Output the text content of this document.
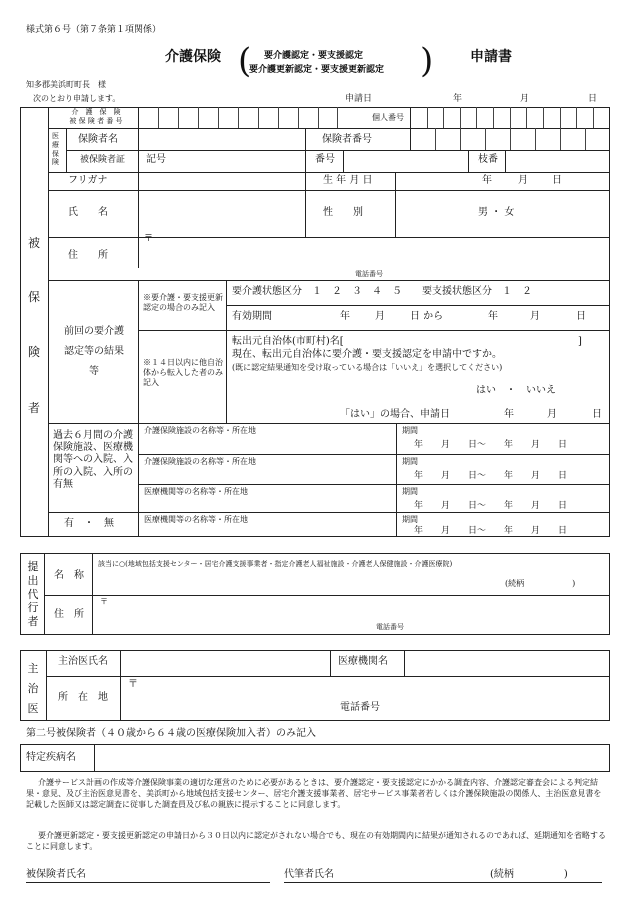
様式第６号（第７条第１項関係）
介護保険 ( 要介護認定・要支援認定
要介護更新認定・要支援更新認定 )	申請書
知多郡美浜町町長　様
次のとおり申請します。	申請日	年	月	日
被
保
険
者
介　護　保　険
被 保 険 者 番 号	個人番号
医
療
保
険
保険者名	保険者番号
被保険者証 記号	番号	枝番
フリガナ	生 年 月 日	年	月 日
氏　　名	性　　別	男 ・ 女
住　　所
〒
電話番号
前回の要介護
認定等の結果
等
※要介護・要支援更新認定の場合のみ記入
要介護状態区分　１　２　３　４　５　　要支援状態区分　１　２
有効期間	年	月	日 から	年	月	日
※１４日以内に他自治体から転入した者のみ記入
転出元自治体(市町村)名[	]
現在、転出元自治体に要介護・要支援認定を申請中ですか。
(既に認定結果通知を受け取っている場合は「いいえ」を選択してください)
はい　・　いいえ
「はい」の場合、申請日	年	月	日
過去６月間の介護保険施設、医療機関等への入院、入所の入院、入所の有無
有　・　無
介護保険施設の名称等・所在地	期間
年　　月　　日～　　年　　月　　日
介護保険施設の名称等・所在地	期間
年　　月　　日～　　年　　月　　日
医療機関等の名称等・所在地	期間
年　　月　　日～　　年　　月　　日
医療機関等の名称等・所在地	期間
年　　月　　日～　　年　　月　　日
提
出
代
行
者
名　称
該当に○(地域包括支援センター・居宅介護支援事業者・指定介護老人福祉施設・介護老人保健施設・介護医療院)
(続柄　　　　　　)
住　所
〒
電話番号
主
治
医
主治医氏名	医療機関名
所　在　地
〒
電話番号
第二号被保険者（４０歳から６４歳の医療保険加入者）のみ記入
特定疾病名
介護サービス計画の作成等介護保険事業の適切な運営のために必要があるときは、要介護認定・要支援認定にかかる調査内容、介護認定審査会による判定結果・意見、及び主治医意見書を、美浜町から地域包括支援センター、居宅介護支援事業者、居宅サービス事業者若しくは介護保険施設の関係人、主治医意見書を記載した医師又は認定調査に従事した調査員及び私の親族に提示することに同意します。
要介護更新認定・要支援更新認定の申請日から３０日以内に認定がされない場合でも、現在の有効期間内に結果が通知されるのであれば、延期通知を省略することに同意します。
被保険者氏名	代筆者氏名	(続柄　　　　　)
